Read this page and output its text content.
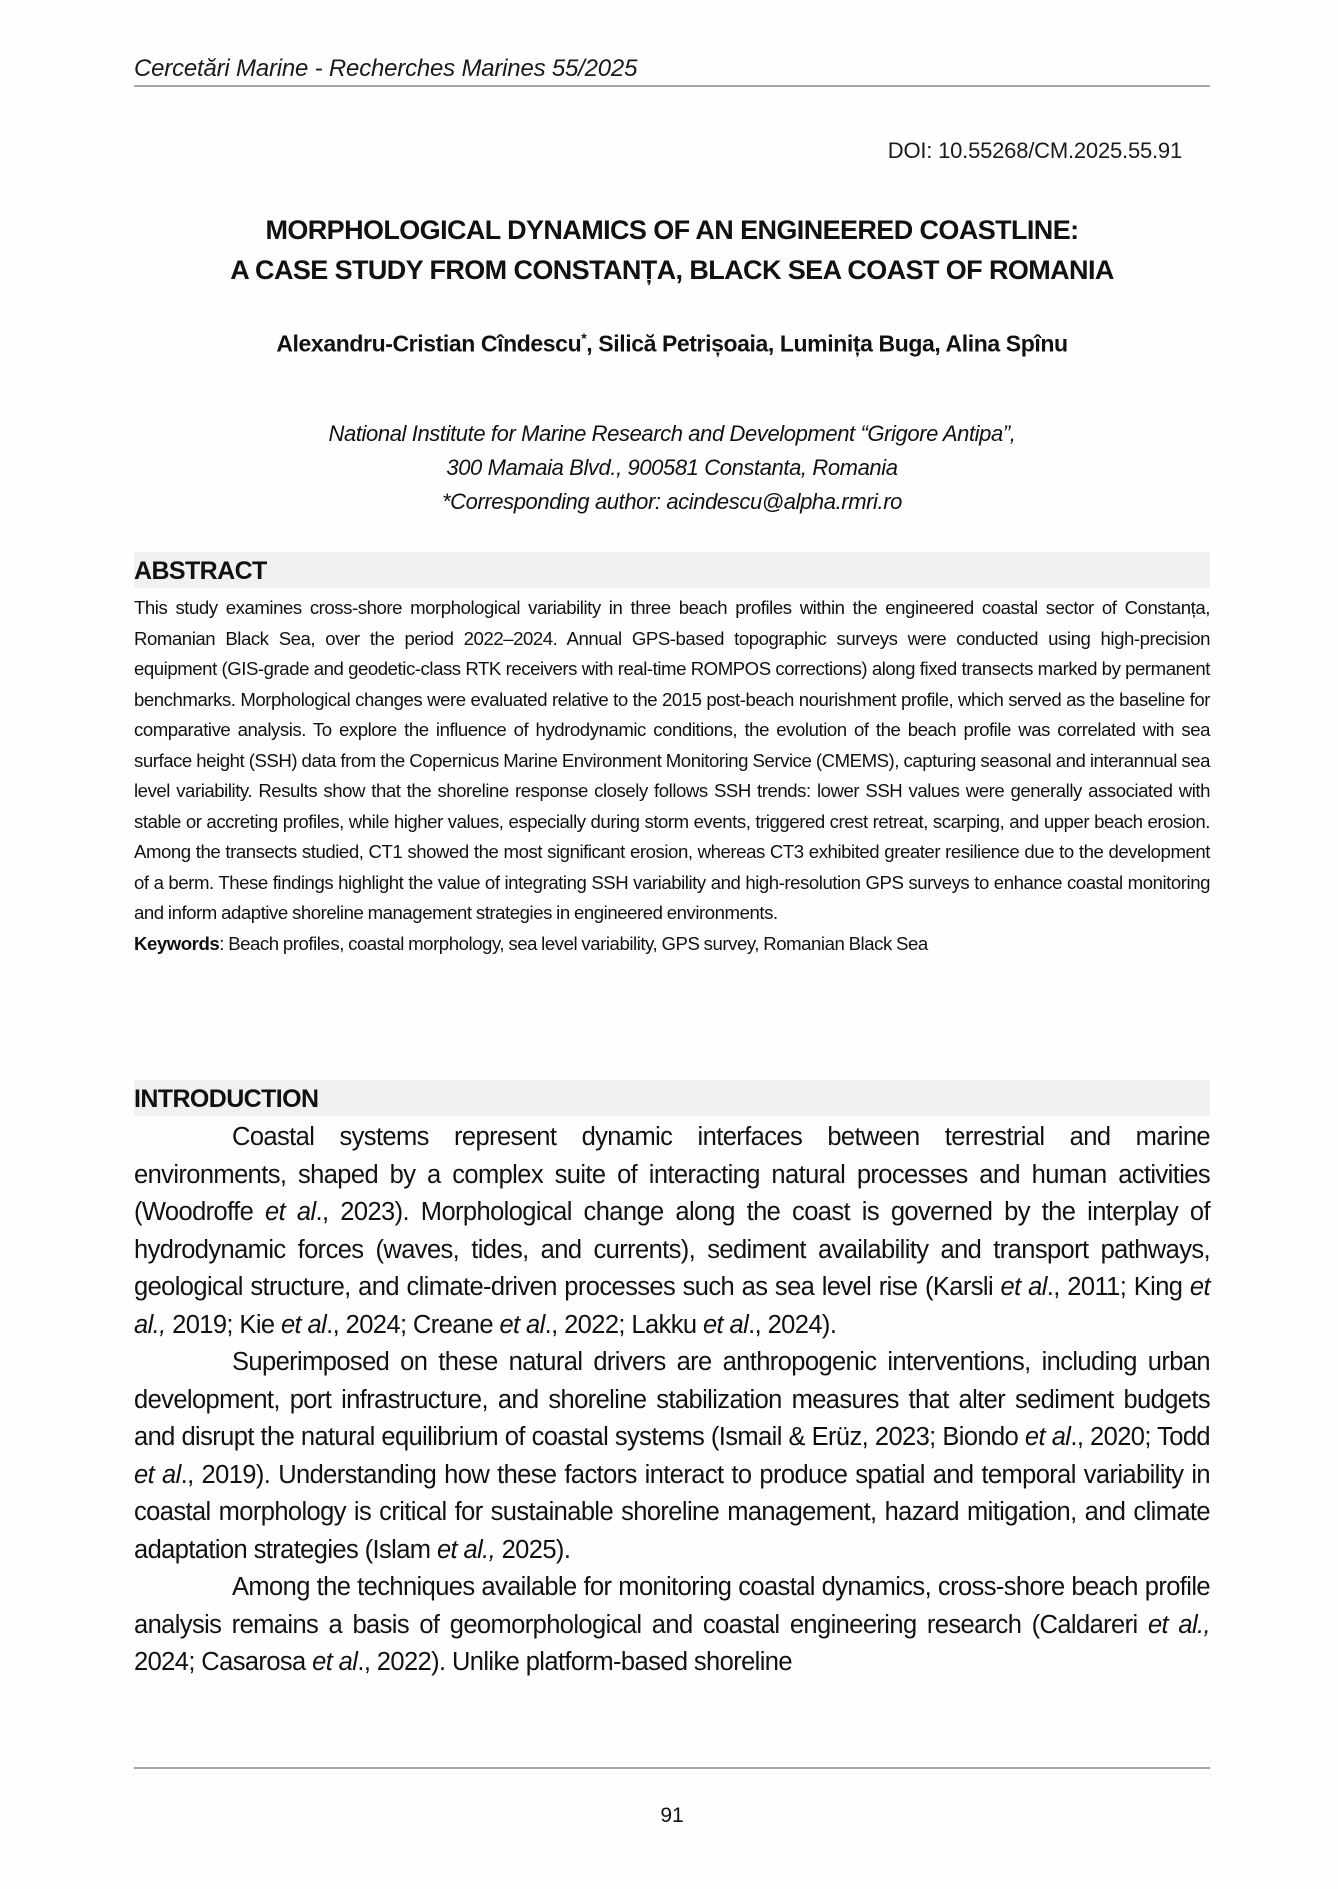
Cercetări Marine - Recherches Marines 55/2025
DOI: 10.55268/CM.2025.55.91
MORPHOLOGICAL DYNAMICS OF AN ENGINEERED COASTLINE:
A CASE STUDY FROM CONSTANȚA, BLACK SEA COAST OF ROMANIA
Alexandru-Cristian Cîndescu*, Silică Petrișoaia, Luminița Buga, Alina Spînu
National Institute for Marine Research and Development “Grigore Antipa”,
300 Mamaia Blvd., 900581 Constanta, Romania
*Corresponding author: acindescu@alpha.rmri.ro
ABSTRACT
This study examines cross-shore morphological variability in three beach profiles within the engineered coastal sector of Constanța, Romanian Black Sea, over the period 2022–2024. Annual GPS-based topographic surveys were conducted using high-precision equipment (GIS-grade and geodetic-class RTK receivers with real-time ROMPOS corrections) along fixed transects marked by permanent benchmarks. Morphological changes were evaluated relative to the 2015 post-beach nourishment profile, which served as the baseline for comparative analysis. To explore the influence of hydrodynamic conditions, the evolution of the beach profile was correlated with sea surface height (SSH) data from the Copernicus Marine Environment Monitoring Service (CMEMS), capturing seasonal and interannual sea level variability. Results show that the shoreline response closely follows SSH trends: lower SSH values were generally associated with stable or accreting profiles, while higher values, especially during storm events, triggered crest retreat, scarping, and upper beach erosion. Among the transects studied, CT1 showed the most significant erosion, whereas CT3 exhibited greater resilience due to the development of a berm. These findings highlight the value of integrating SSH variability and high-resolution GPS surveys to enhance coastal monitoring and inform adaptive shoreline management strategies in engineered environments.
Keywords: Beach profiles, coastal morphology, sea level variability, GPS survey, Romanian Black Sea
INTRODUCTION

Coastal systems represent dynamic interfaces between terrestrial and marine environments, shaped by a complex suite of interacting natural processes and human activities (Woodroffe et al., 2023). Morphological change along the coast is governed by the interplay of hydrodynamic forces (waves, tides, and currents), sediment availability and transport pathways, geological structure, and climate-driven processes such as sea level rise (Karsli et al., 2011; King et al., 2019; Kie et al., 2024; Creane et al., 2022; Lakku et al., 2024).

Superimposed on these natural drivers are anthropogenic interventions, including urban development, port infrastructure, and shoreline stabilization measures that alter sediment budgets and disrupt the natural equilibrium of coastal systems (Ismail & Erüz, 2023; Biondo et al., 2020; Todd et al., 2019). Understanding how these factors interact to produce spatial and temporal variability in coastal morphology is critical for sustainable shoreline management, hazard mitigation, and climate adaptation strategies (Islam et al., 2025).

Among the techniques available for monitoring coastal dynamics, cross-shore beach profile analysis remains a basis of geomorphological and coastal engineering research (Caldareri et al., 2024; Casarosa et al., 2022). Unlike platform-based shoreline

91
